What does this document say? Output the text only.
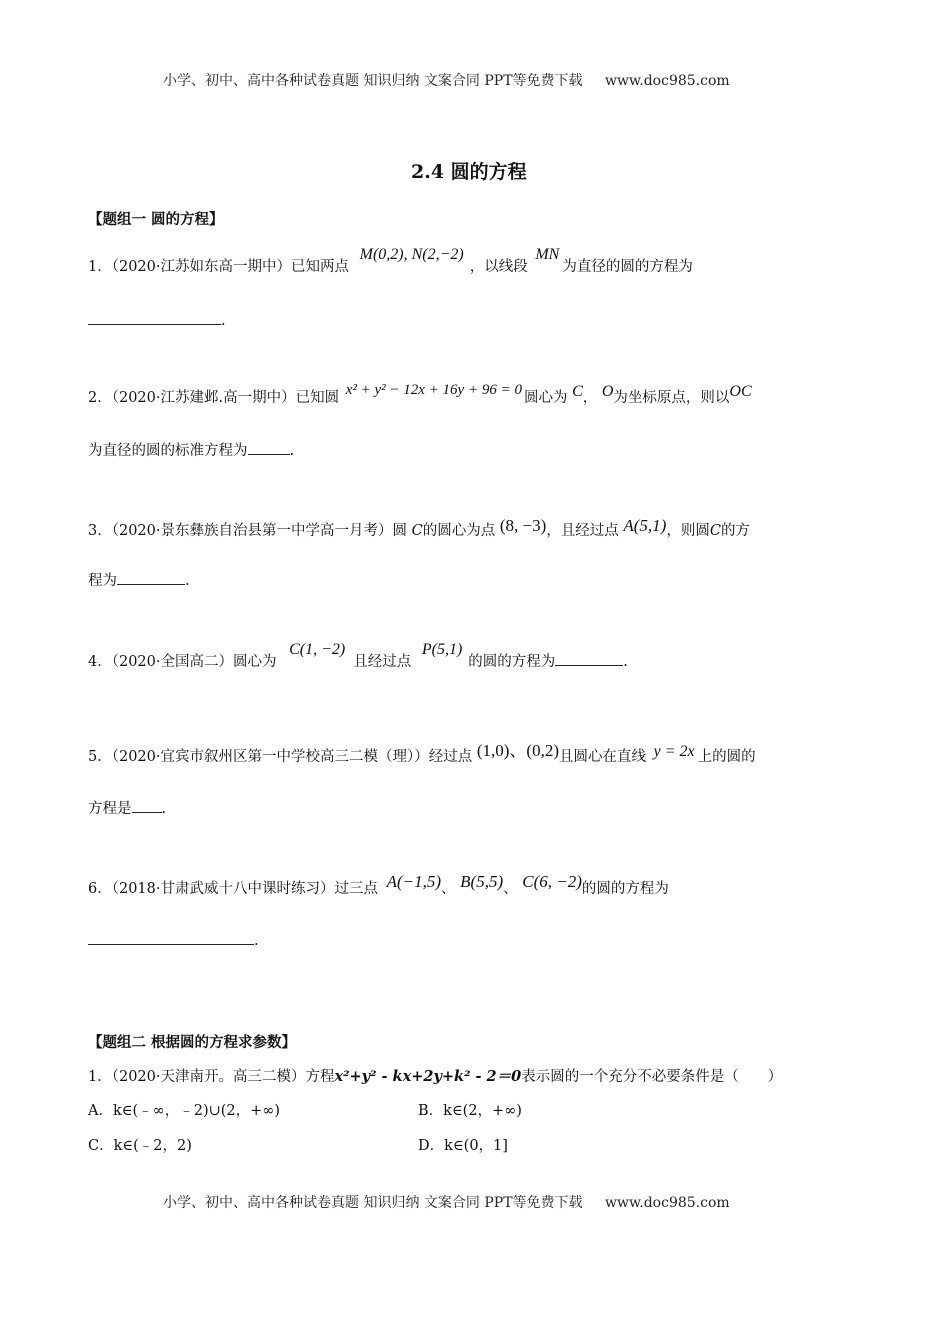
小学、初中、高中各种试卷真题 知识归纳 文案合同 PPT等免费下载 www.doc985.com
2.4 圆的方程
【题组一 圆的方程】
1．（2020·江苏如东高一期中）已知两点 M(0,2), N(2,−2)，以线段 MN为直径的圆的方程为
.
2．（2020·江苏建邺.高一期中）已知圆 x² + y² − 12x + 16y + 96 = 0 圆心为 C， O为坐标原点，则以OC
为直径的圆的标准方程为	.
3．（2020·景东彝族自治县第一中学高一月考）圆 C的圆心为点 (8, −3)，且经过点 A(5,1)，则圆C的方
程为	.
4．（2020·全国高二）圆心为 C(1, −2)且经过点 P(5,1)的圆的方程为	.
5．（2020·宜宾市叙州区第一中学校高三二模（理））经过点 (1,0)、(0,2)且圆心在直线 y = 2x 上的圆的
方程是 .
6．（2018·甘肃武威十八中课时练习）过三点 A(−1,5)、 B(5,5)、 C(6, −2)的圆的方程为
.
【题组二 根据圆的方程求参数】
1．（2020·天津南开。高三二模）方程x²+y² - kx+2y+k² - 2＝0表示圆的一个充分不必要条件是（　　）
A．k∈(﹣∞，﹣2)∪(2，+∞)	B．k∈(2，+∞)
C．k∈(﹣2，2)	D．k∈(0，1]
小学、初中、高中各种试卷真题 知识归纳 文案合同 PPT等免费下载 www.doc985.com
